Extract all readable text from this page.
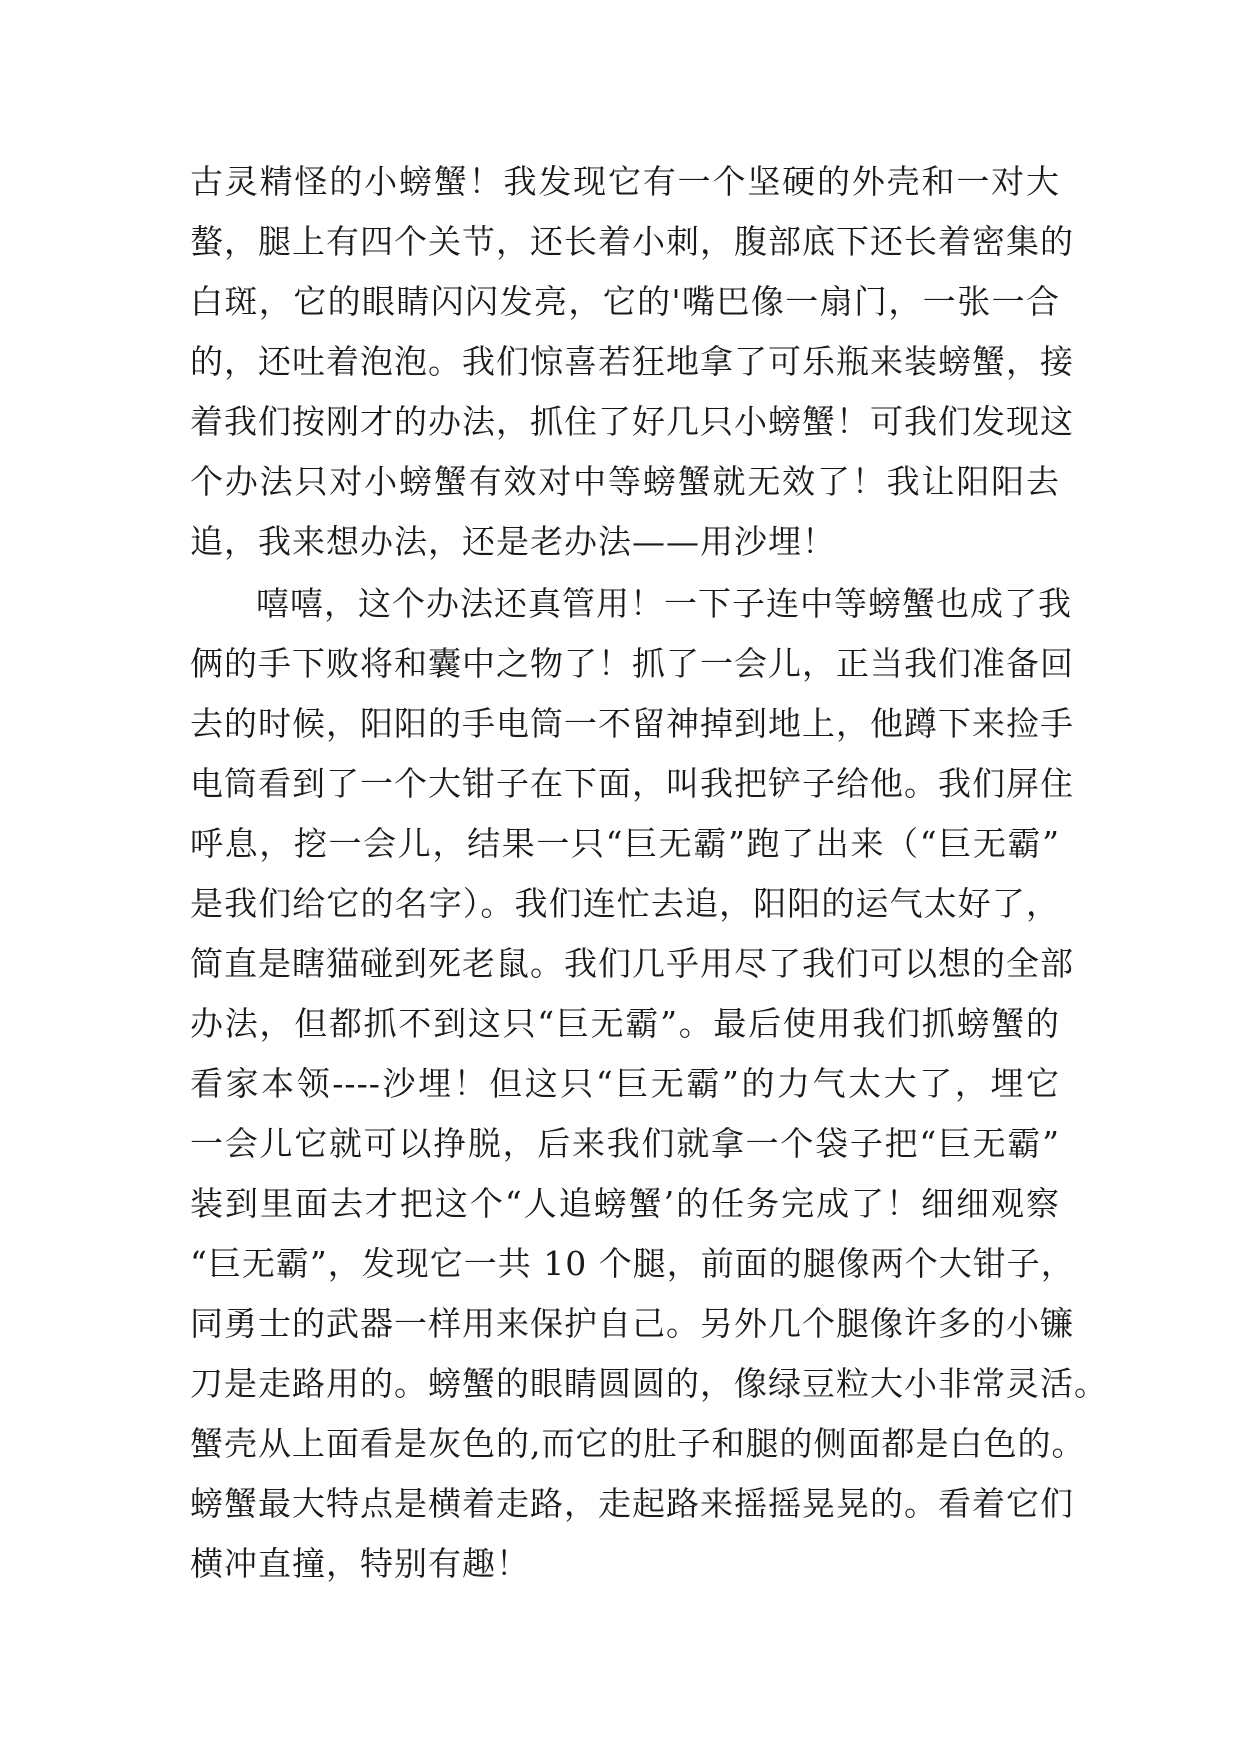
古灵精怪的小螃蟹！我发现它有一个坚硬的外壳和一对大
螯，腿上有四个关节，还长着小刺，腹部底下还长着密集的
白斑，它的眼睛闪闪发亮，它的'嘴巴像一扇门，一张一合
的，还吐着泡泡。我们惊喜若狂地拿了可乐瓶来装螃蟹，接
着我们按刚才的办法，抓住了好几只小螃蟹！可我们发现这
个办法只对小螃蟹有效对中等螃蟹就无效了！我让阳阳去
追，我来想办法，还是老办法——用沙埋！
嘻嘻，这个办法还真管用！一下子连中等螃蟹也成了我
俩的手下败将和囊中之物了！抓了一会儿，正当我们准备回
去的时候，阳阳的手电筒一不留神掉到地上，他蹲下来捡手
电筒看到了一个大钳子在下面，叫我把铲子给他。我们屏住
呼息，挖一会儿，结果一只“巨无霸”跑了出来（“巨无霸”
是我们给它的名字）。我们连忙去追，阳阳的运气太好了，
简直是瞎猫碰到死老鼠。我们几乎用尽了我们可以想的全部
办法，但都抓不到这只“巨无霸”。最后使用我们抓螃蟹的
看家本领----沙埋！但这只“巨无霸”的力气太大了，埋它
一会儿它就可以挣脱，后来我们就拿一个袋子把“巨无霸”
装到里面去才把这个“人追螃蟹’的任务完成了！细细观察
“巨无霸”，发现它一共 10 个腿，前面的腿像两个大钳子，
同勇士的武器一样用来保护自己。另外几个腿像许多的小镰
刀是走路用的。螃蟹的眼睛圆圆的，像绿豆粒大小非常灵活。
蟹壳从上面看是灰色的,而它的肚子和腿的侧面都是白色的。
螃蟹最大特点是横着走路，走起路来摇摇晃晃的。看着它们
横冲直撞，特别有趣！
